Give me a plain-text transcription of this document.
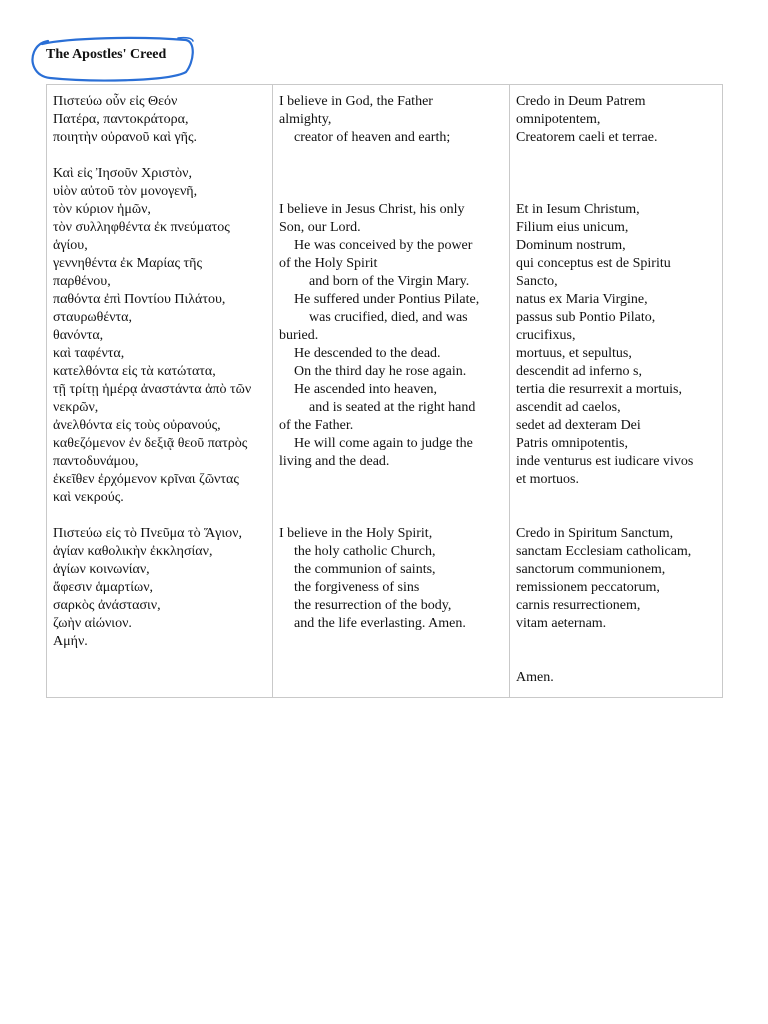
The Apostles' Creed
Πιστεύω οὖν εἰς Θεόν
Πατέρα, παντοκράτορα,
ποιητὴν οὐρανοῦ καὶ γῆς.
Καὶ εἰς Ἰησοῦν Χριστὸν,
υἱὸν αὐτοῦ τὸν μονογενῆ,
τὸν κύριον ἡμῶν,
τὸν συλληφθέντα ἐκ πνεύματος
ἁγίου,
γεννηθέντα ἐκ Μαρίας τῆς
παρθένου,
παθόντα ἐπὶ Ποντίου Πιλάτου,
σταυρωθέντα,
θανόντα,
καὶ ταφέντα,
κατελθόντα εἰς τὰ κατώτατα,
τῇ τρίτῃ ἡμέρᾳ ἀναστάντα ἀπὸ τῶν
νεκρῶν,
ἀνελθόντα εἰς τοὺς οὐρανούς,
καθεζόμενον ἐν δεξιᾷ θεοῦ πατρὸς
παντοδυνάμου,
ἐκεῖθεν ἐρχόμενον κρῖναι ζῶντας
καὶ νεκρούς.
Πιστεύω εἰς τὸ Πνεῦμα τὸ Ἅγιον,
ἁγίαν καθολικὴν ἐκκλησίαν,
ἁγίων κοινωνίαν,
ἄφεσιν ἁμαρτίων,
σαρκὸς ἀνάστασιν,
ζωὴν αἰώνιον.
Αμήν.
I believe in God, the Father
almighty,
creator of heaven and earth;
I believe in Jesus Christ, his only
Son, our Lord.
He was conceived by the power
of the Holy Spirit
and born of the Virgin Mary.
He suffered under Pontius Pilate,
was crucified, died, and was
buried.
He descended to the dead.
On the third day he rose again.
He ascended into heaven,
and is seated at the right hand
of the Father.
He will come again to judge the
living and the dead.
I believe in the Holy Spirit,
the holy catholic Church,
the communion of saints,
the forgiveness of sins
the resurrection of the body,
and the life everlasting. Amen.
Credo in Deum Patrem
omnipotentem,
Creatorem caeli et terrae.
Et in Iesum Christum,
Filium eius unicum,
Dominum nostrum,
qui conceptus est de Spiritu
Sancto,
natus ex Maria Virgine,
passus sub Pontio Pilato,
crucifixus,
mortuus, et sepultus,
descendit ad inferno s,
tertia die resurrexit a mortuis,
ascendit ad caelos,
sedet ad dexteram Dei
Patris omnipotentis,
inde venturus est iudicare vivos
et mortuos.
Credo in Spiritum Sanctum,
sanctam Ecclesiam catholicam,
sanctorum communionem,
remissionem peccatorum,
carnis resurrectionem,
vitam aeternam.
Amen.
